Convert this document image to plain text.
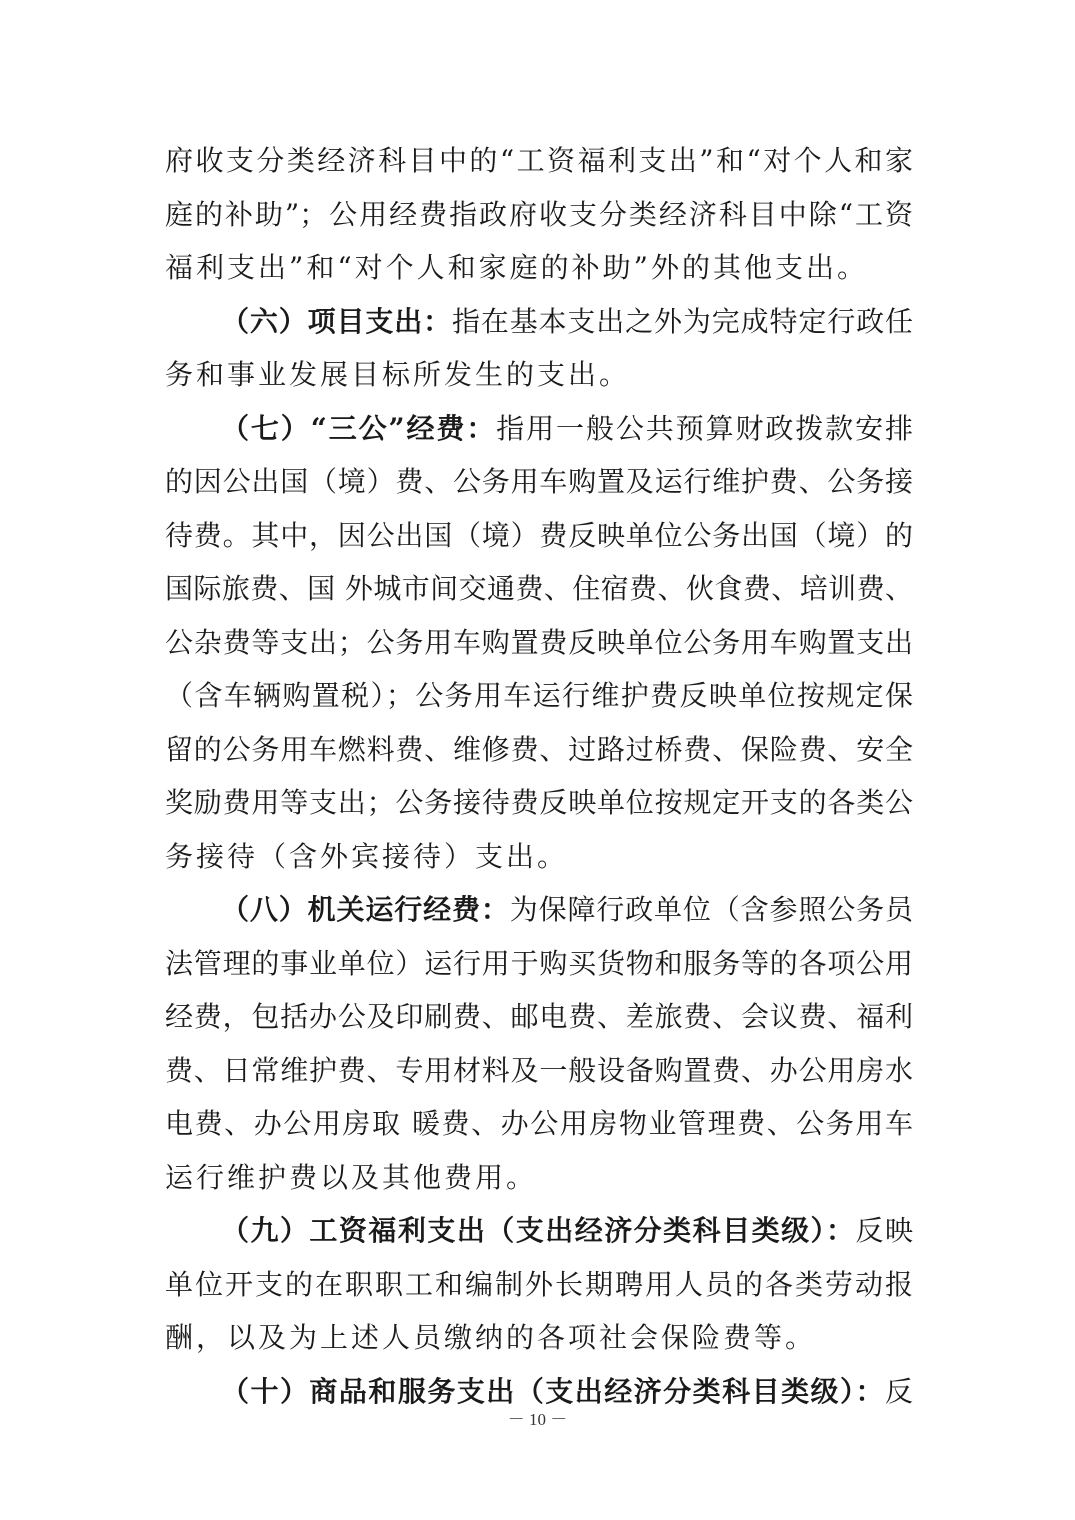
府收支分类经济科目中的“工资福利支出”和“对个人和家
庭的补助”；公用经费指政府收支分类经济科目中除“工资
福利支出”和“对个人和家庭的补助”外的其他支出。
（六）项目支出：指在基本支出之外为完成特定行政任
务和事业发展目标所发生的支出。
（七）“三公”经费：指用一般公共预算财政拨款安排
的因公出国（境）费、公务用车购置及运行维护费、公务接
待费。其中，因公出国（境）费反映单位公务出国（境）的
国际旅费、国 外城市间交通费、住宿费、伙食费、培训费、
公杂费等支出；公务用车购置费反映单位公务用车购置支出
（含车辆购置税）；公务用车运行维护费反映单位按规定保
留的公务用车燃料费、维修费、过路过桥费、保险费、安全
奖励费用等支出；公务接待费反映单位按规定开支的各类公
务接待（含外宾接待）支出。
（八）机关运行经费：为保障行政单位（含参照公务员
法管理的事业单位）运行用于购买货物和服务等的各项公用
经费，包括办公及印刷费、邮电费、差旅费、会议费、福利
费、日常维护费、专用材料及一般设备购置费、办公用房水
电费、办公用房取 暖费、办公用房物业管理费、公务用车
运行维护费以及其他费用。
（九）工资福利支出（支出经济分类科目类级）：反映
单位开支的在职职工和编制外长期聘用人员的各类劳动报
酬，以及为上述人员缴纳的各项社会保险费等。
（十）商品和服务支出（支出经济分类科目类级）：反
－ 10 －
